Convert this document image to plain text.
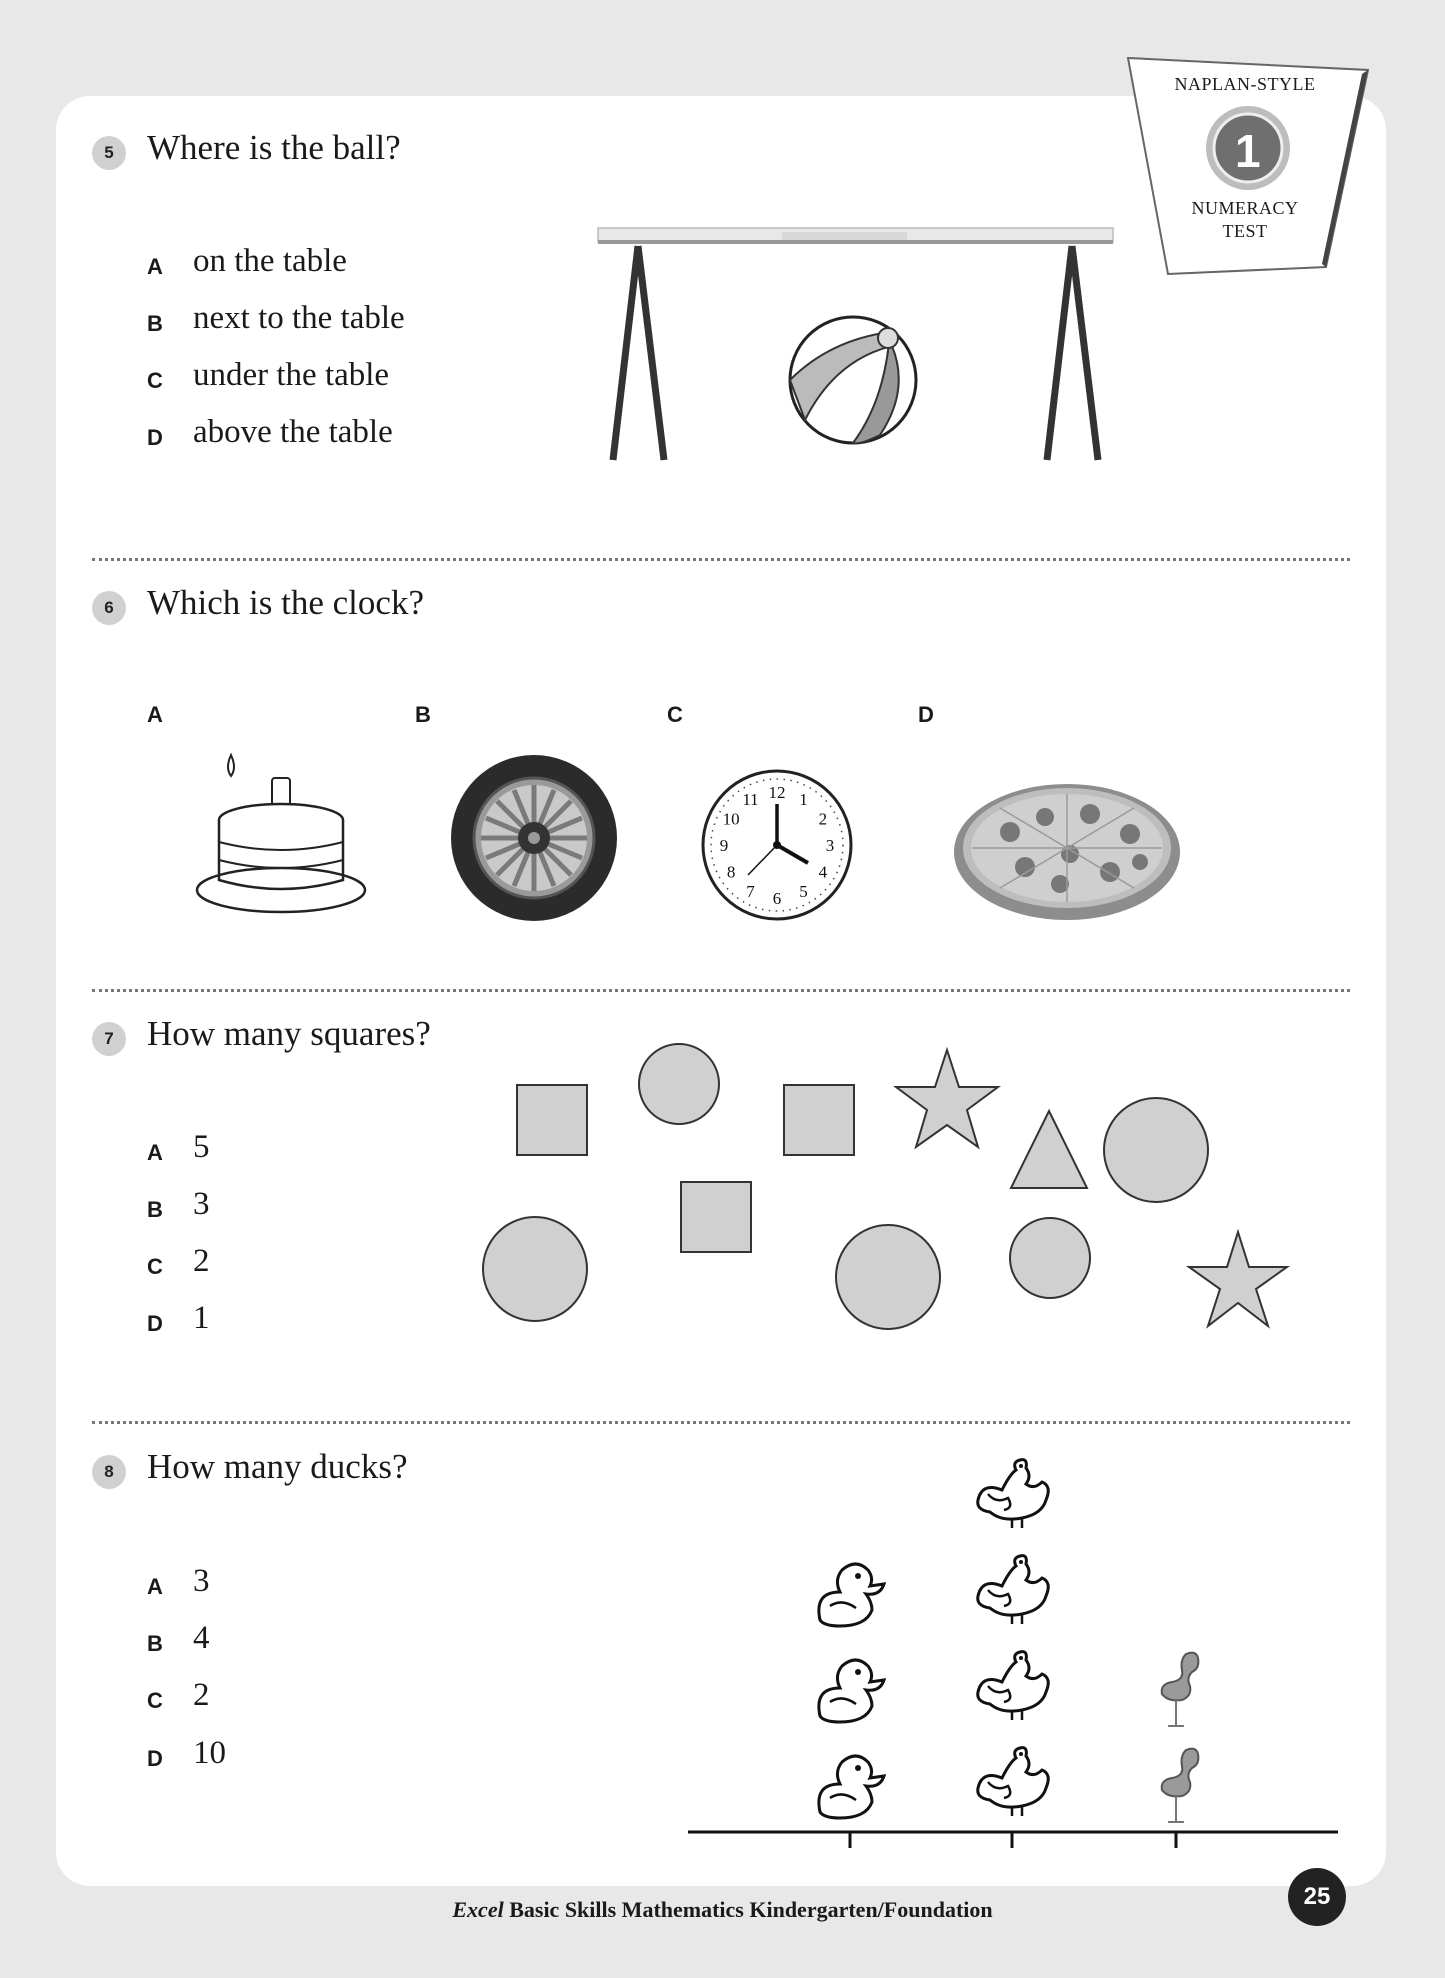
NAPLAN-STYLE
1
NUMERACY
TEST
5 Where is the ball?
A on the table
B next to the table
C under the table
D above the table
6 Which is the clock?
A	B	C	D
12 1
2
3
4
5
6
7
8
9
10
11
7 How many squares?
A 5
B 3
C 2
D 1
8 How many ducks?
A 3
B 4
C 2
D 10
Excel Basic Skills Mathematics Kindergarten/Foundation	25
